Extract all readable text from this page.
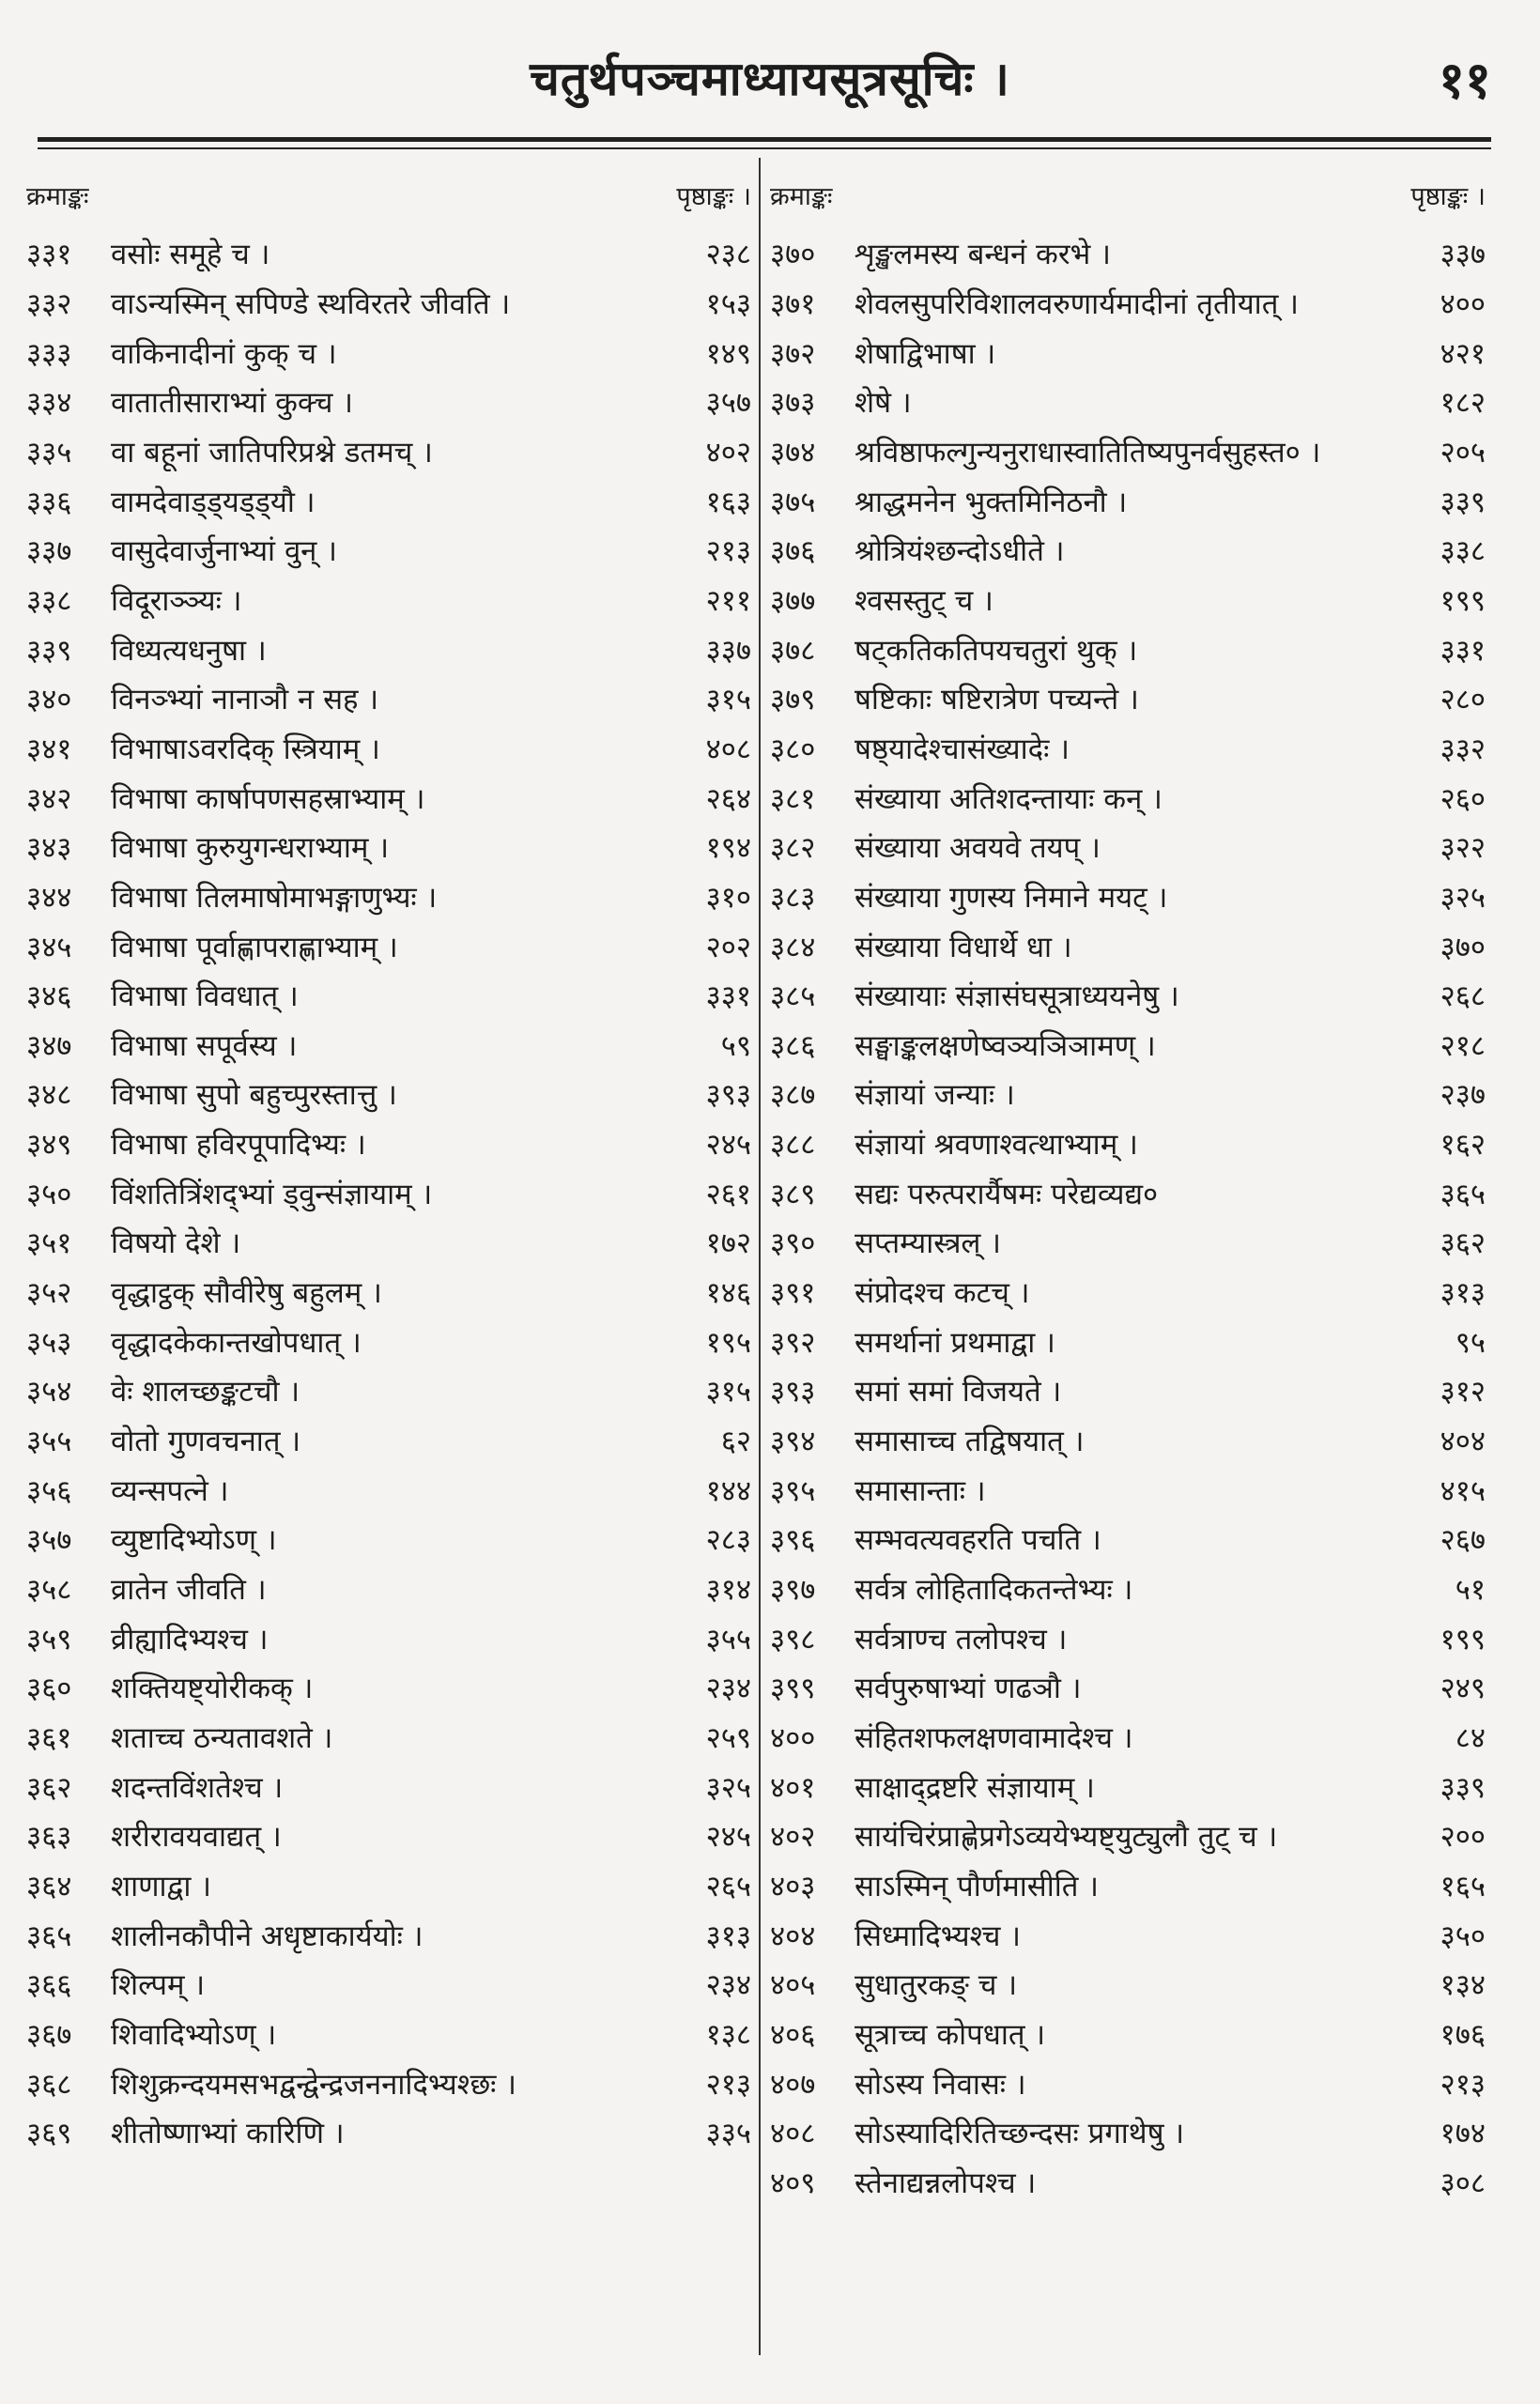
चतुर्थपञ्चमाध्यायसूत्रसूचिः ।	११
क्रमाङ्कः	पृष्ठाङ्कः ।
३३१	वसोः समूहे च ।	२३८
३३२	वाऽन्यस्मिन् सपिण्डे स्थविरतरे जीवति ।	१५३
३३३	वाकिनादीनां कुक् च ।	१४९
३३४	वातातीसाराभ्यां कुक्च ।	३५७
३३५	वा बहूनां जातिपरिप्रश्ने डतमच् ।	४०२
३३६	वामदेवाड्ड्यड्ड्यौ ।	१६३
३३७	वासुदेवार्जुनाभ्यां वुन् ।	२१३
३३८	विदूराञ्ञ्यः ।	२११
३३९	विध्यत्यधनुषा ।	३३७
३४०	विनञ्भ्यां नानाञौ न सह ।	३१५
३४१	विभाषाऽवरदिक् स्त्रियाम् ।	४०८
३४२	विभाषा कार्षापणसहस्राभ्याम् ।	२६४
३४३	विभाषा कुरुयुगन्धराभ्याम् ।	१९४
३४४	विभाषा तिलमाषोमाभङ्गाणुभ्यः ।	३१०
३४५	विभाषा पूर्वाह्णापराह्णाभ्याम् ।	२०२
३४६	विभाषा विवधात् ।	३३१
३४७	विभाषा सपूर्वस्य ।	५९
३४८	विभाषा सुपो बहुच्पुरस्तात्तु ।	३९३
३४९	विभाषा हविरपूपादिभ्यः ।	२४५
३५०	विंशतित्रिंशद्भ्यां ड्वुन्संज्ञायाम् ।	२६१
३५१	विषयो देशे ।	१७२
३५२	वृद्धाट्ठक् सौवीरेषु बहुलम् ।	१४६
३५३	वृद्धादकेकान्तखोपधात् ।	१९५
३५४	वेः शालच्छङ्कटचौ ।	३१५
३५५	वोतो गुणवचनात् ।	६२
३५६	व्यन्सपत्ने ।	१४४
३५७	व्युष्टादिभ्योऽण् ।	२८३
३५८	व्रातेन जीवति ।	३१४
३५९	व्रीह्यादिभ्यश्च ।	३५५
३६०	शक्तियष्ट्योरीकक् ।	२३४
३६१	शताच्च ठन्यतावशते ।	२५९
३६२	शदन्तविंशतेश्च ।	३२५
३६३	शरीरावयवाद्यत् ।	२४५
३६४	शाणाद्वा ।	२६५
३६५	शालीनकौपीने अधृष्टाकार्ययोः ।	३१३
३६६	शिल्पम् ।	२३४
३६७	शिवादिभ्योऽण् ।	१३८
३६८	शिशुक्रन्दयमसभद्वन्द्वेन्द्रजननादिभ्यश्छः ।	२१३
३६९	शीतोष्णाभ्यां कारिणि ।	३३५
क्रमाङ्कः	पृष्ठाङ्कः ।
३७०	शृङ्खलमस्य बन्धनं करभे ।	३३७
३७१	शेवलसुपरिविशालवरुणार्यमादीनां तृतीयात् ।	४००
३७२	शेषाद्विभाषा ।	४२१
३७३	शेषे ।	१८२
३७४	श्रविष्ठाफल्गुन्यनुराधास्वातितिष्यपुनर्वसुहस्त० ।	२०५
३७५	श्राद्धमनेन भुक्तमिनिठनौ ।	३३९
३७६	श्रोत्रियंश्छन्दोऽधीते ।	३३८
३७७	श्वसस्तुट् च ।	१९९
३७८	षट्कतिकतिपयचतुरां थुक् ।	३३१
३७९	षष्टिकाः षष्टिरात्रेण पच्यन्ते ।	२८०
३८०	षष्ठ्यादेश्चासंख्यादेः ।	३३२
३८१	संख्याया अतिशदन्तायाः कन् ।	२६०
३८२	संख्याया अवयवे तयप् ।	३२२
३८३	संख्याया गुणस्य निमाने मयट् ।	३२५
३८४	संख्याया विधार्थे धा ।	३७०
३८५	संख्यायाः संज्ञासंघसूत्राध्ययनेषु ।	२६८
३८६	सङ्घाङ्कलक्षणेष्वञ्यञिञामण् ।	२१८
३८७	संज्ञायां जन्याः ।	२३७
३८८	संज्ञायां श्रवणाश्वत्थाभ्याम् ।	१६२
३८९	सद्यः परुत्परार्यैषमः परेद्यव्यद्य०	३६५
३९०	सप्तम्यास्त्रल् ।	३६२
३९१	संप्रोदश्च कटच् ।	३१३
३९२	समर्थानां प्रथमाद्वा ।	९५
३९३	समां समां विजयते ।	३१२
३९४	समासाच्च तद्विषयात् ।	४०४
३९५	समासान्ताः ।	४१५
३९६	सम्भवत्यवहरति पचति ।	२६७
३९७	सर्वत्र लोहितादिकतन्तेभ्यः ।	५१
३९८	सर्वत्राण्च तलोपश्च ।	१९९
३९९	सर्वपुरुषाभ्यां णढञौ ।	२४९
४००	संहितशफलक्षणवामादेश्च ।	८४
४०१	साक्षाद्द्रष्टरि संज्ञायाम् ।	३३९
४०२	सायंचिरंप्राह्णेप्रगेऽव्ययेभ्यष्ट्युट्युलौ तुट् च ।	२००
४०३	साऽस्मिन् पौर्णमासीति ।	१६५
४०४	सिध्मादिभ्यश्च ।	३५०
४०५	सुधातुरकङ् च ।	१३४
४०६	सूत्राच्च कोपधात् ।	१७६
४०७	सोऽस्य निवासः ।	२१३
४०८	सोऽस्यादिरितिच्छन्दसः प्रगाथेषु ।	१७४
४०९	स्तेनाद्यन्नलोपश्च ।	३०८
